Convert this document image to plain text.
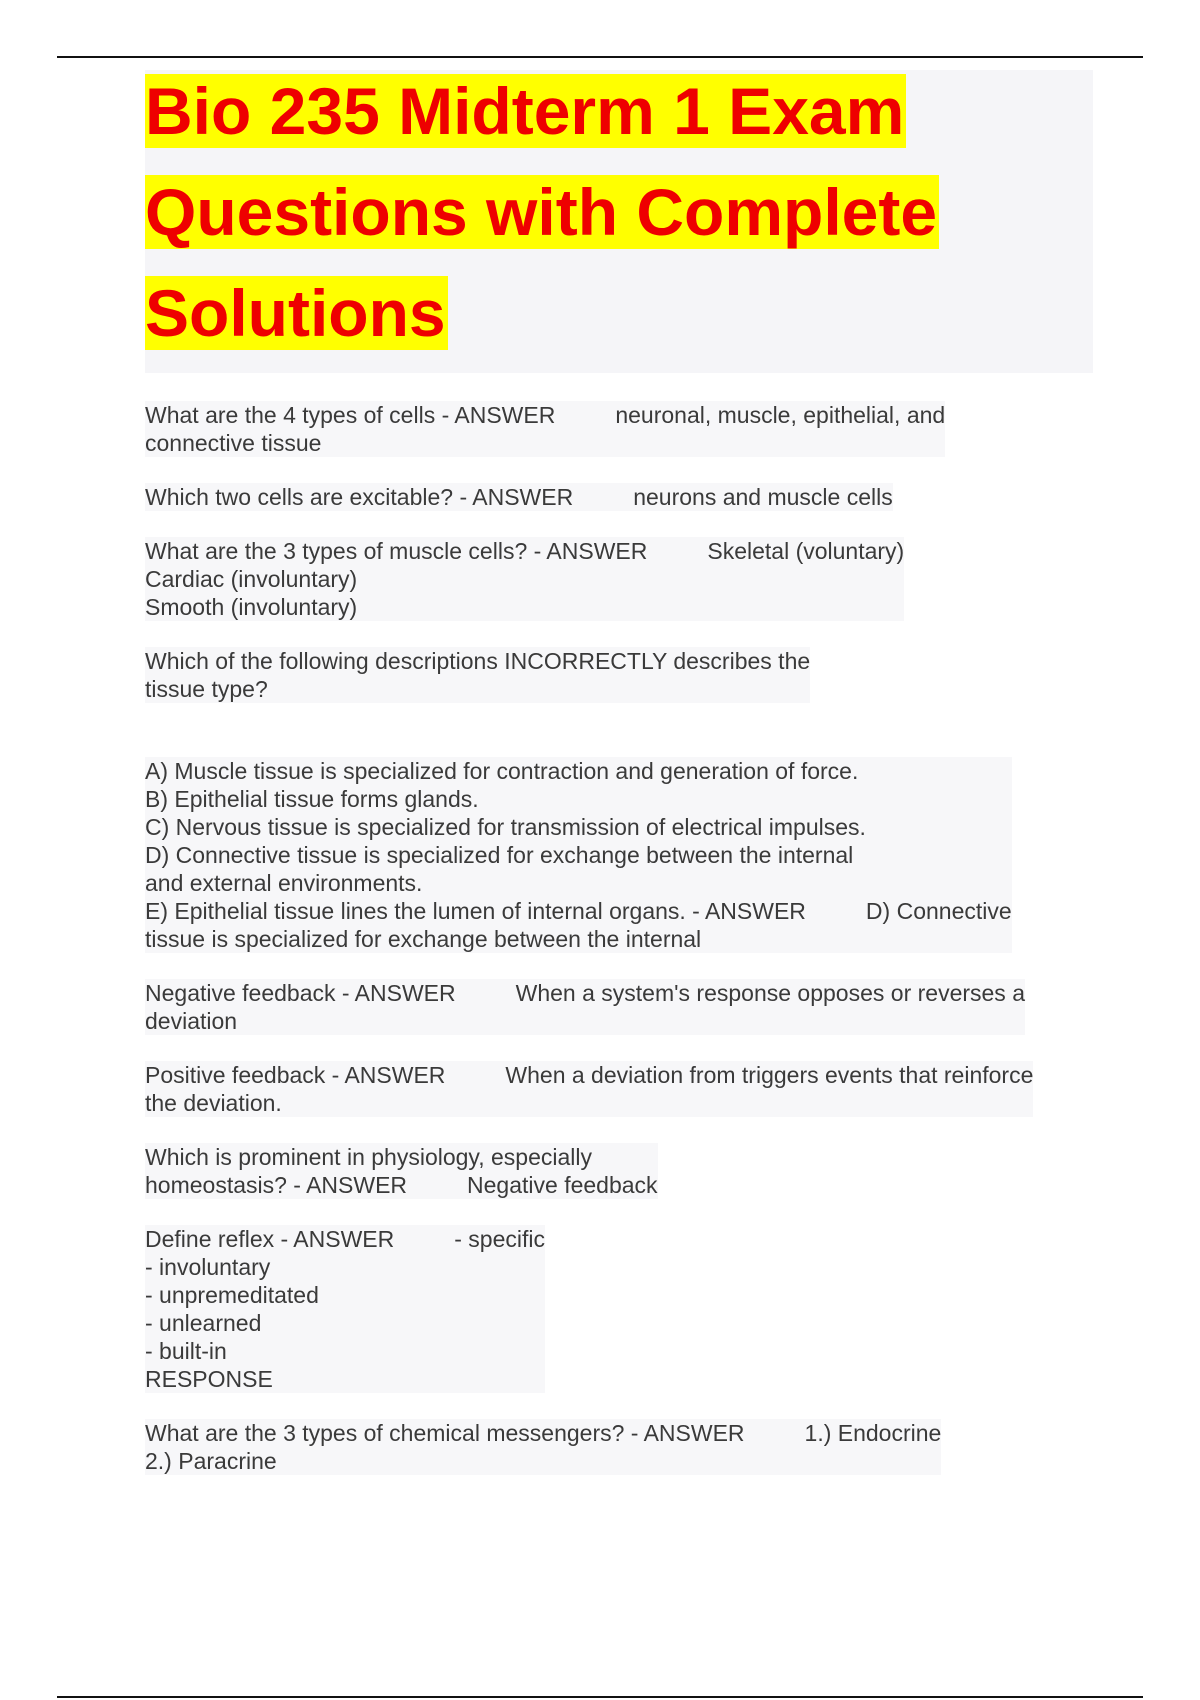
Bio 235 Midterm 1 Exam
Questions with Complete
Solutions
What are the 4 types of cells - ANSWER	neuronal, muscle, epithelial, and
connective tissue

Which two cells are excitable? - ANSWER	neurons and muscle cells
What are the 3 types of muscle cells? - ANSWER	Skeletal (voluntary)
Cardiac (involuntary)
Smooth (involuntary)

Which of the following descriptions INCORRECTLY describes the
tissue type?

A) Muscle tissue is specialized for contraction and generation of force.
B) Epithelial tissue forms glands.
C) Nervous tissue is specialized for transmission of electrical impulses.
D) Connective tissue is specialized for exchange between the internal
and external environments.
E) Epithelial tissue lines the lumen of internal organs. - ANSWER	D) Connective
tissue is specialized for exchange between the internal

Negative feedback - ANSWER	When a system's response opposes or reverses a
deviation

Positive feedback - ANSWER	When a deviation from triggers events that reinforce
the deviation.

Which is prominent in physiology, especially
homeostasis? - ANSWER	Negative feedback
Define reflex - ANSWER	- specific
- involuntary
- unpremeditated
- unlearned
- built-in
RESPONSE

What are the 3 types of chemical messengers? - ANSWER	1.) Endocrine
2.) Paracrine
